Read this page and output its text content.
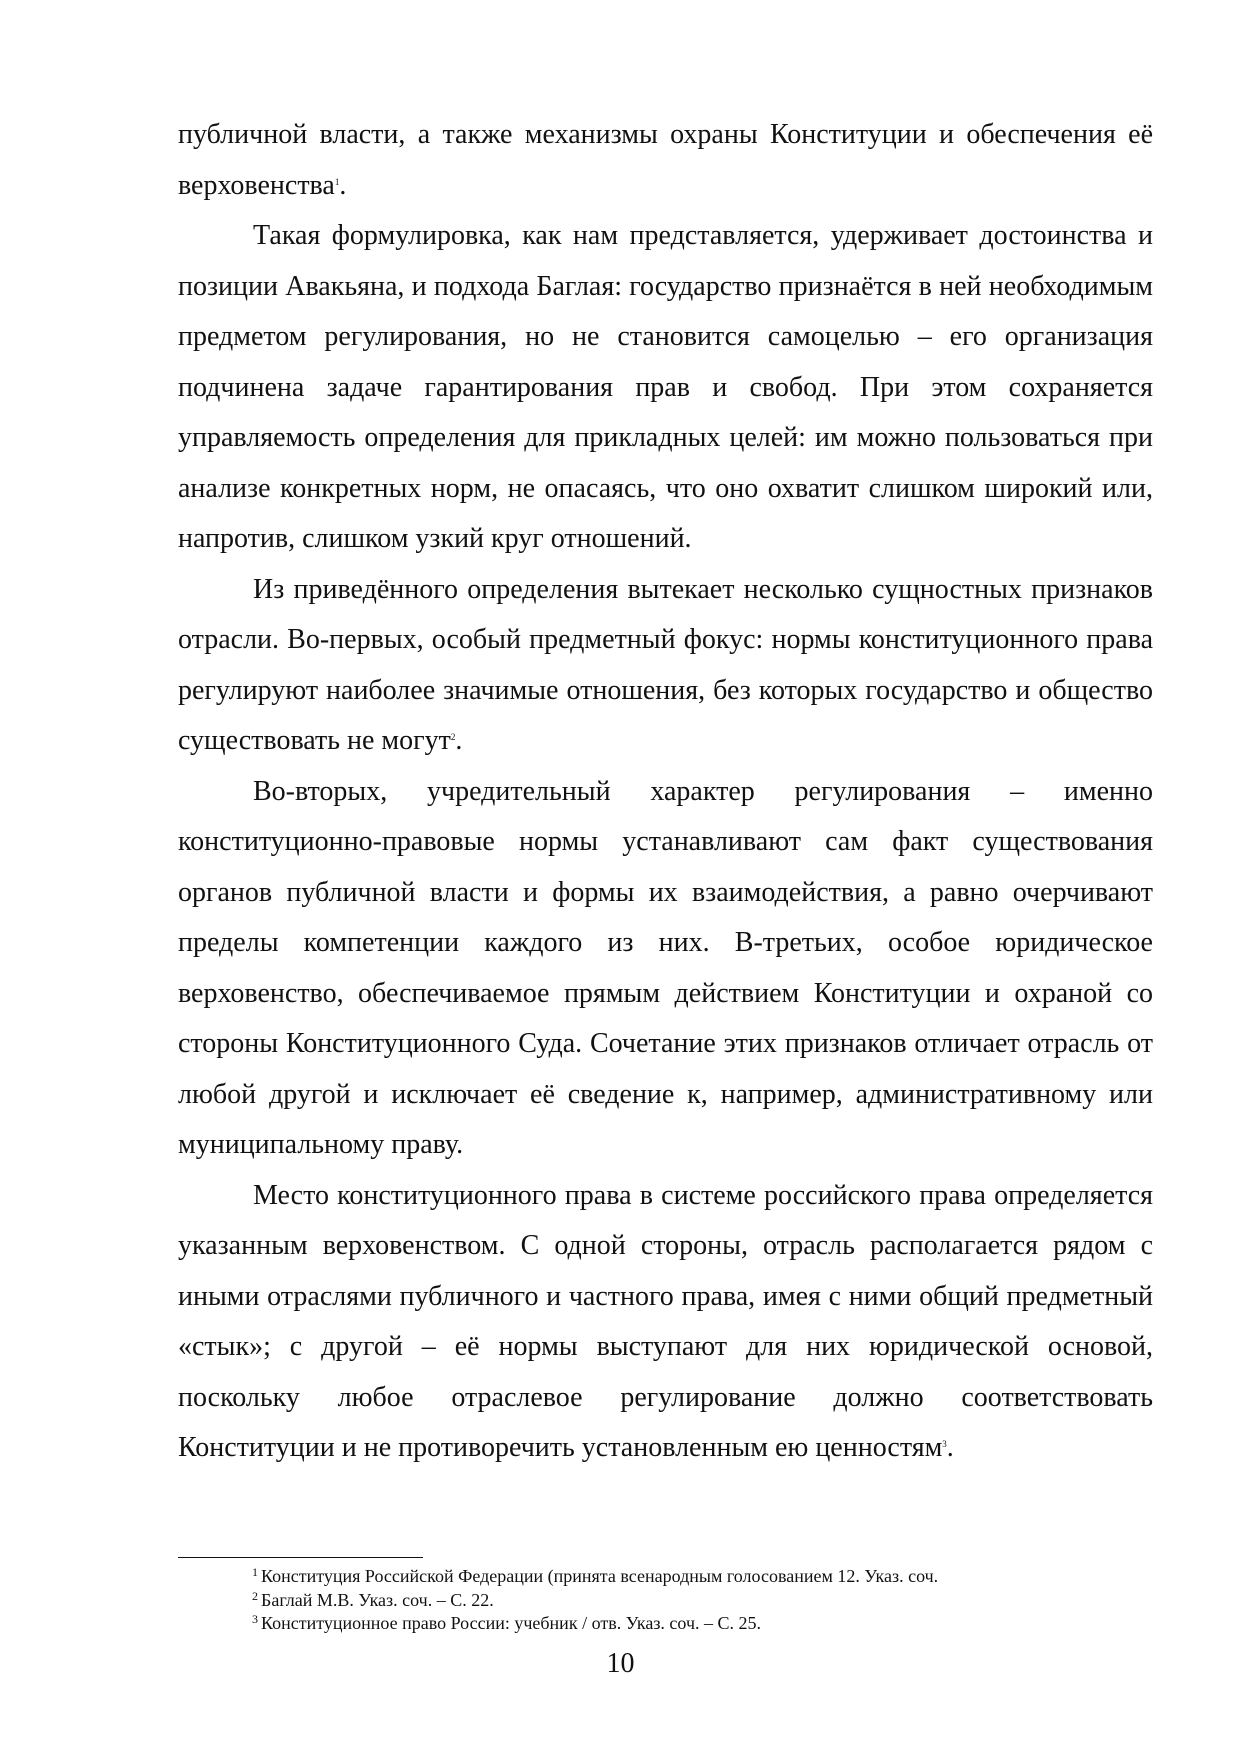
публичной власти, а также механизмы охраны Конституции и обеспечения её верховенства$^1$.

Такая формулировка, как нам представляется, удерживает достоинства и позиции Авакьяна, и подхода Баглая: государство признаётся в ней необходимым предметом регулирования, но не становится самоцелью – его организация подчинена задаче гарантирования прав и свобод. При этом сохраняется управляемость определения для прикладных целей: им можно пользоваться при анализе конкретных норм, не опасаясь, что оно охватит слишком широкий или, напротив, слишком узкий круг отношений.

Из приведённого определения вытекает несколько сущностных признаков отрасли. Во-первых, особый предметный фокус: нормы конституционного права регулируют наиболее значимые отношения, без которых государство и общество существовать не могут$^2$.

Во-вторых, учредительный характер регулирования – именно конституционно-правовые нормы устанавливают сам факт существования органов публичной власти и формы их взаимодействия, а равно очерчивают пределы компетенции каждого из них. В-третьих, особое юридическое верховенство, обеспечиваемое прямым действием Конституции и охраной со стороны Конституционного Суда. Сочетание этих признаков отличает отрасль от любой другой и исключает её сведение к, например, административному или муниципальному праву.

Место конституционного права в системе российского права определяется указанным верховенством. С одной стороны, отрасль располагается рядом с иными отраслями публичного и частного права, имея с ними общий предметный «стык»; с другой – её нормы выступают для них юридической основой, поскольку любое отраслевое регулирование должно соответствовать Конституции и не противоречить установленным ею ценностям$^3$.

$^1$ Конституция Российской Федерации (принята всенародным голосованием 12. Указ. соч.

$^2$ Баглай М.В. Указ. соч. – С. 22.

$^3$ Конституционное право России: учебник / отв. Указ. соч. – С. 25.

10
